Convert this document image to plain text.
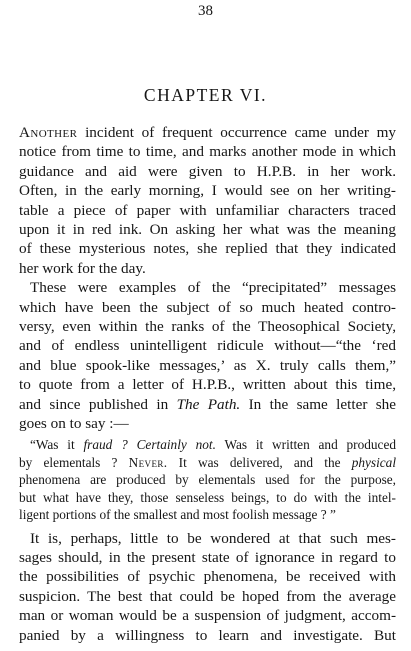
38
CHAPTER VI.
Another incident of frequent occurrence came under my
notice from time to time, and marks another mode in which
guidance and aid were given to H.P.B. in her work.
Often, in the early morning, I would see on her writing-
table a piece of paper with unfamiliar characters traced
upon it in red ink. On asking her what was the meaning
of these mysterious notes, she replied that they indicated
her work for the day.
These were examples of the “precipitated” messages
which have been the subject of so much heated contro-
versy, even within the ranks of the Theosophical Society,
and of endless unintelligent ridicule without—“the ‘red
and blue spook-like messages,’ as X. truly calls them,”
to quote from a letter of H.P.B., written about this time,
and since published in The Path. In the same letter she
goes on to say :—
“Was it fraud ? Certainly not. Was it written and produced
by elementals ? Never. It was delivered, and the physical
phenomena are produced by elementals used for the purpose,
but what have they, those senseless beings, to do with the intel-
ligent portions of the smallest and most foolish message ? ”
It is, perhaps, little to be wondered at that such mes-
sages should, in the present state of ignorance in regard to
the possibilities of psychic phenomena, be received with
suspicion. The best that could be hoped from the average
man or woman would be a suspension of judgment, accom-
panied by a willingness to learn and investigate. But
